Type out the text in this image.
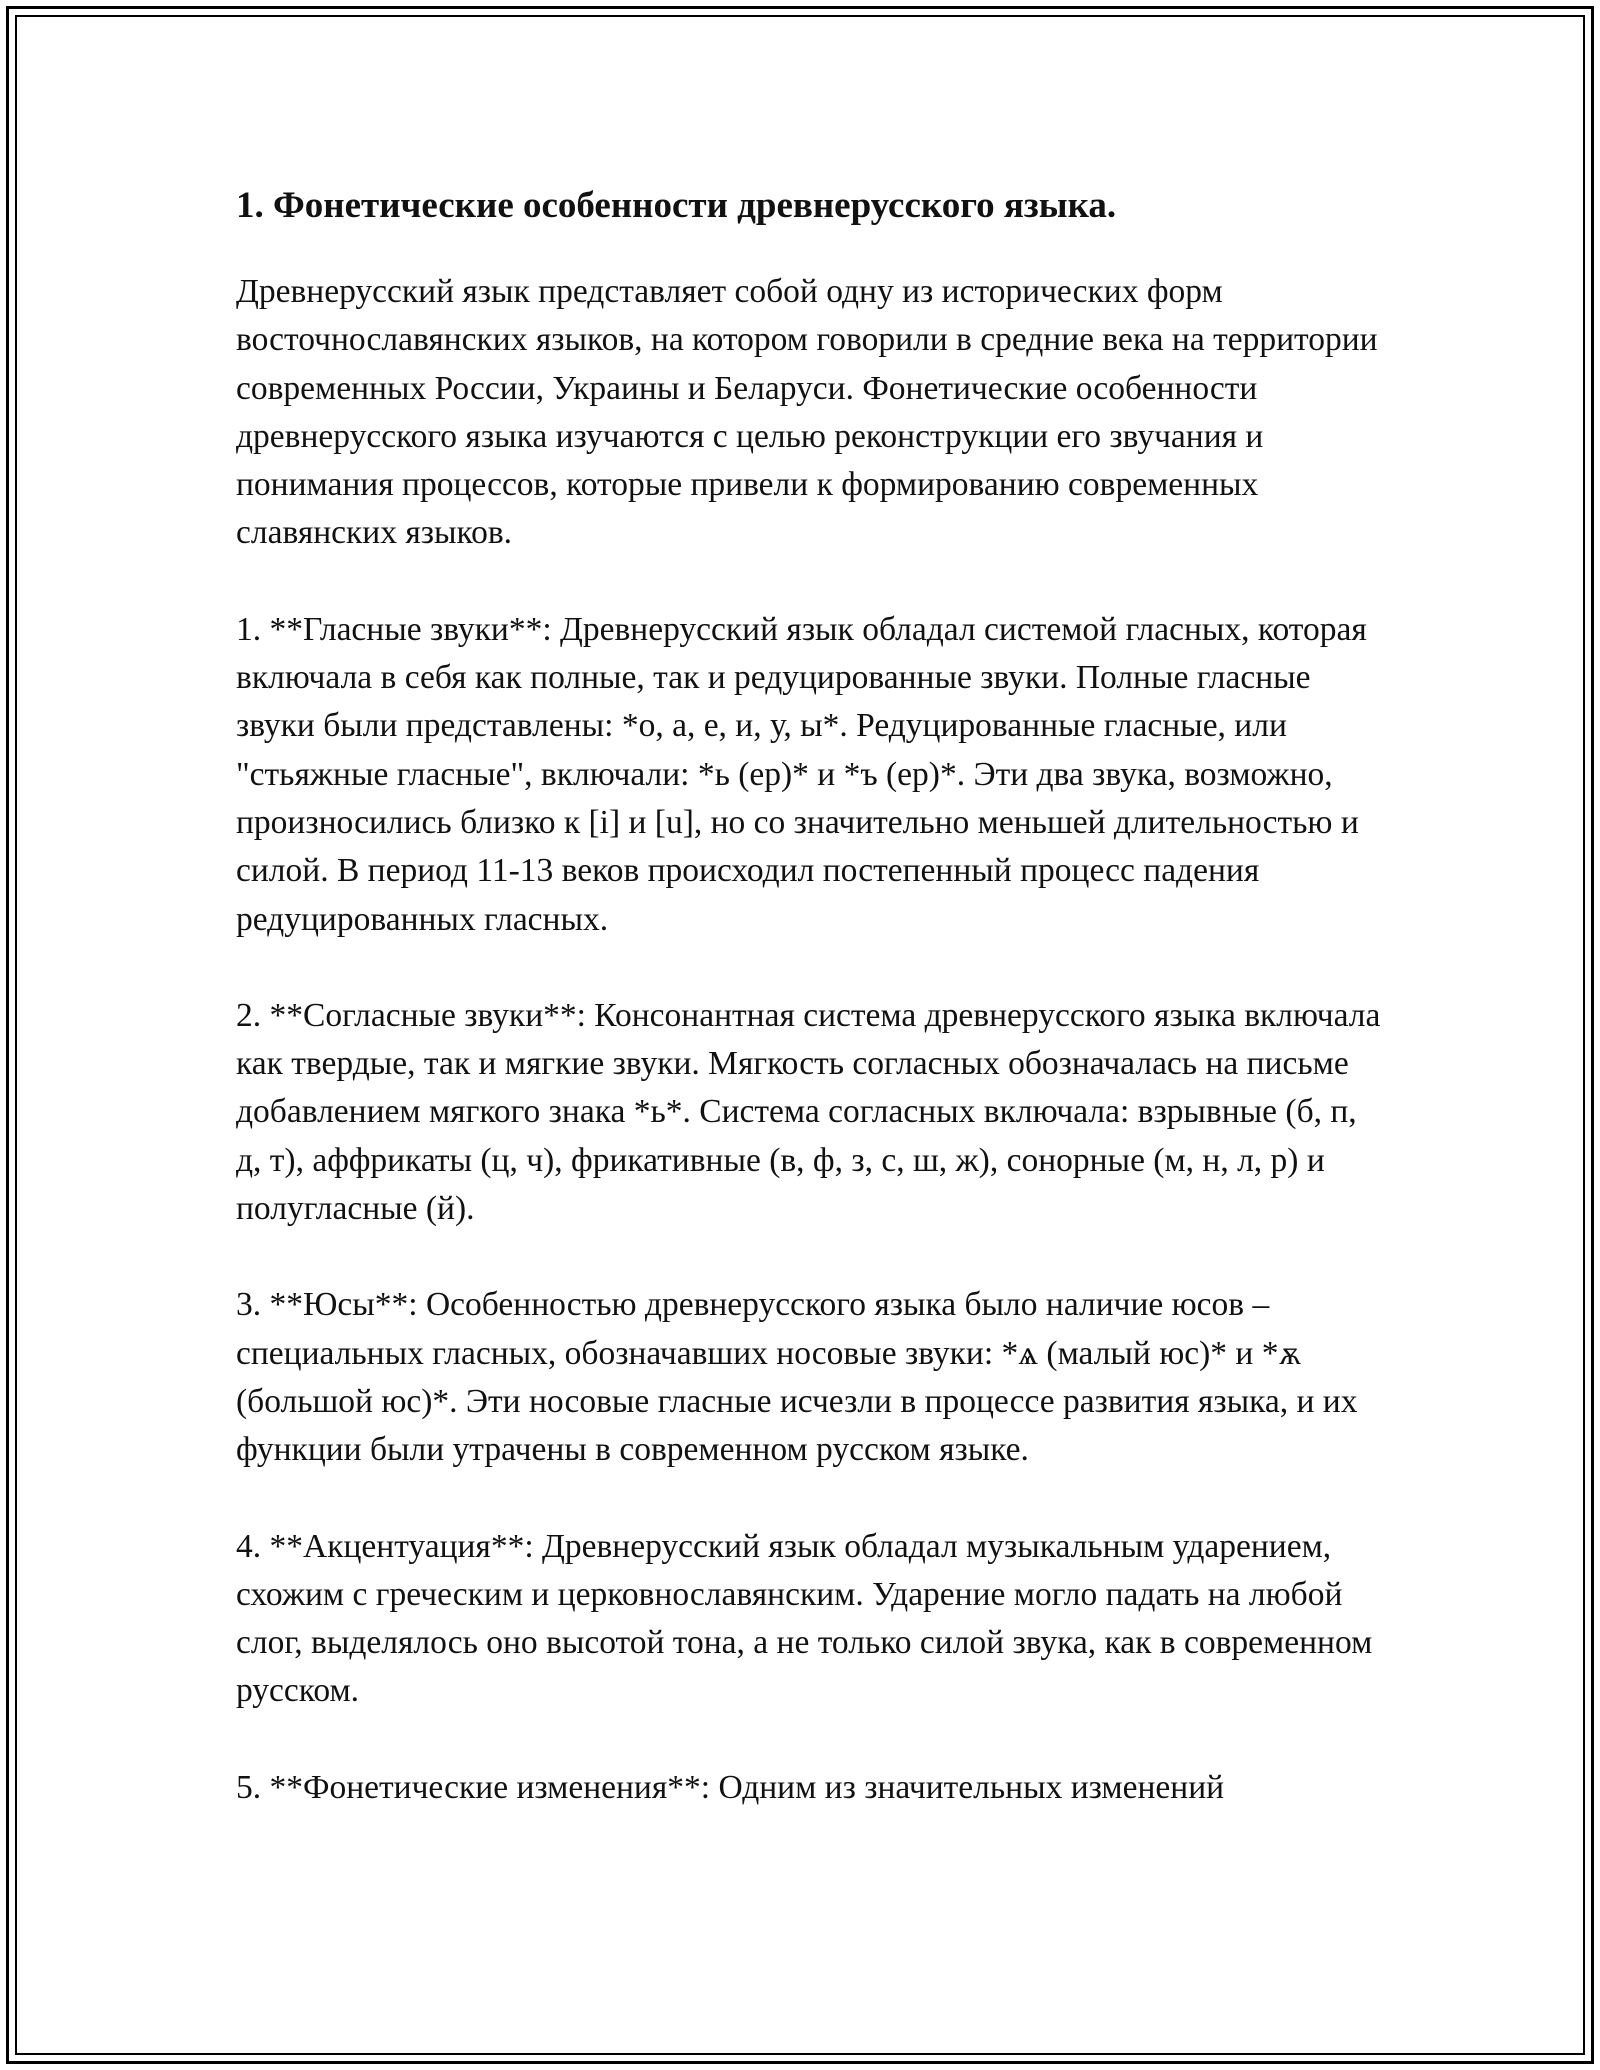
1. Фонетические особенности древнерусского языка.

Древнерусский язык представляет собой одну из исторических форм восточнославянских языков, на котором говорили в средние века на территории современных России, Украины и Беларуси. Фонетические особенности древнерусского языка изучаются с целью реконструкции его звучания и понимания процессов, которые привели к формированию современных славянских языков.

1. **Гласные звуки**: Древнерусский язык обладал системой гласных, которая включала в себя как полные, так и редуцированные звуки. Полные гласные звуки были представлены: *о, а, е, и, у, ы*. Редуцированные гласные, или "стьяжные гласные", включали: *ь (ер)* и *ъ (ер)*. Эти два звука, возможно, произносились близко к [i] и [u], но со значительно меньшей длительностью и силой. В период 11-13 веков происходил постепенный процесс падения редуцированных гласных.

2. **Согласные звуки**: Консонантная система древнерусского языка включала как твердые, так и мягкие звуки. Мягкость согласных обозначалась на письме добавлением мягкого знака *ь*. Система согласных включала: взрывные (б, п, д, т), аффрикаты (ц, ч), фрикативные (в, ф, з, с, ш, ж), сонорные (м, н, л, р) и полугласные (й).

3. **Юсы**: Особенностью древнерусского языка было наличие юсов – специальных гласных, обозначавших носовые звуки: *ѧ (малый юс)* и *ѫ (большой юс)*. Эти носовые гласные исчезли в процессе развития языка, и их функции были утрачены в современном русском языке.

4. **Акцентуация**: Древнерусский язык обладал музыкальным ударением, схожим с греческим и церковнославянским. Ударение могло падать на любой слог, выделялось оно высотой тона, а не только силой звука, как в современном русском.

5. **Фонетические изменения**: Одним из значительных изменений
